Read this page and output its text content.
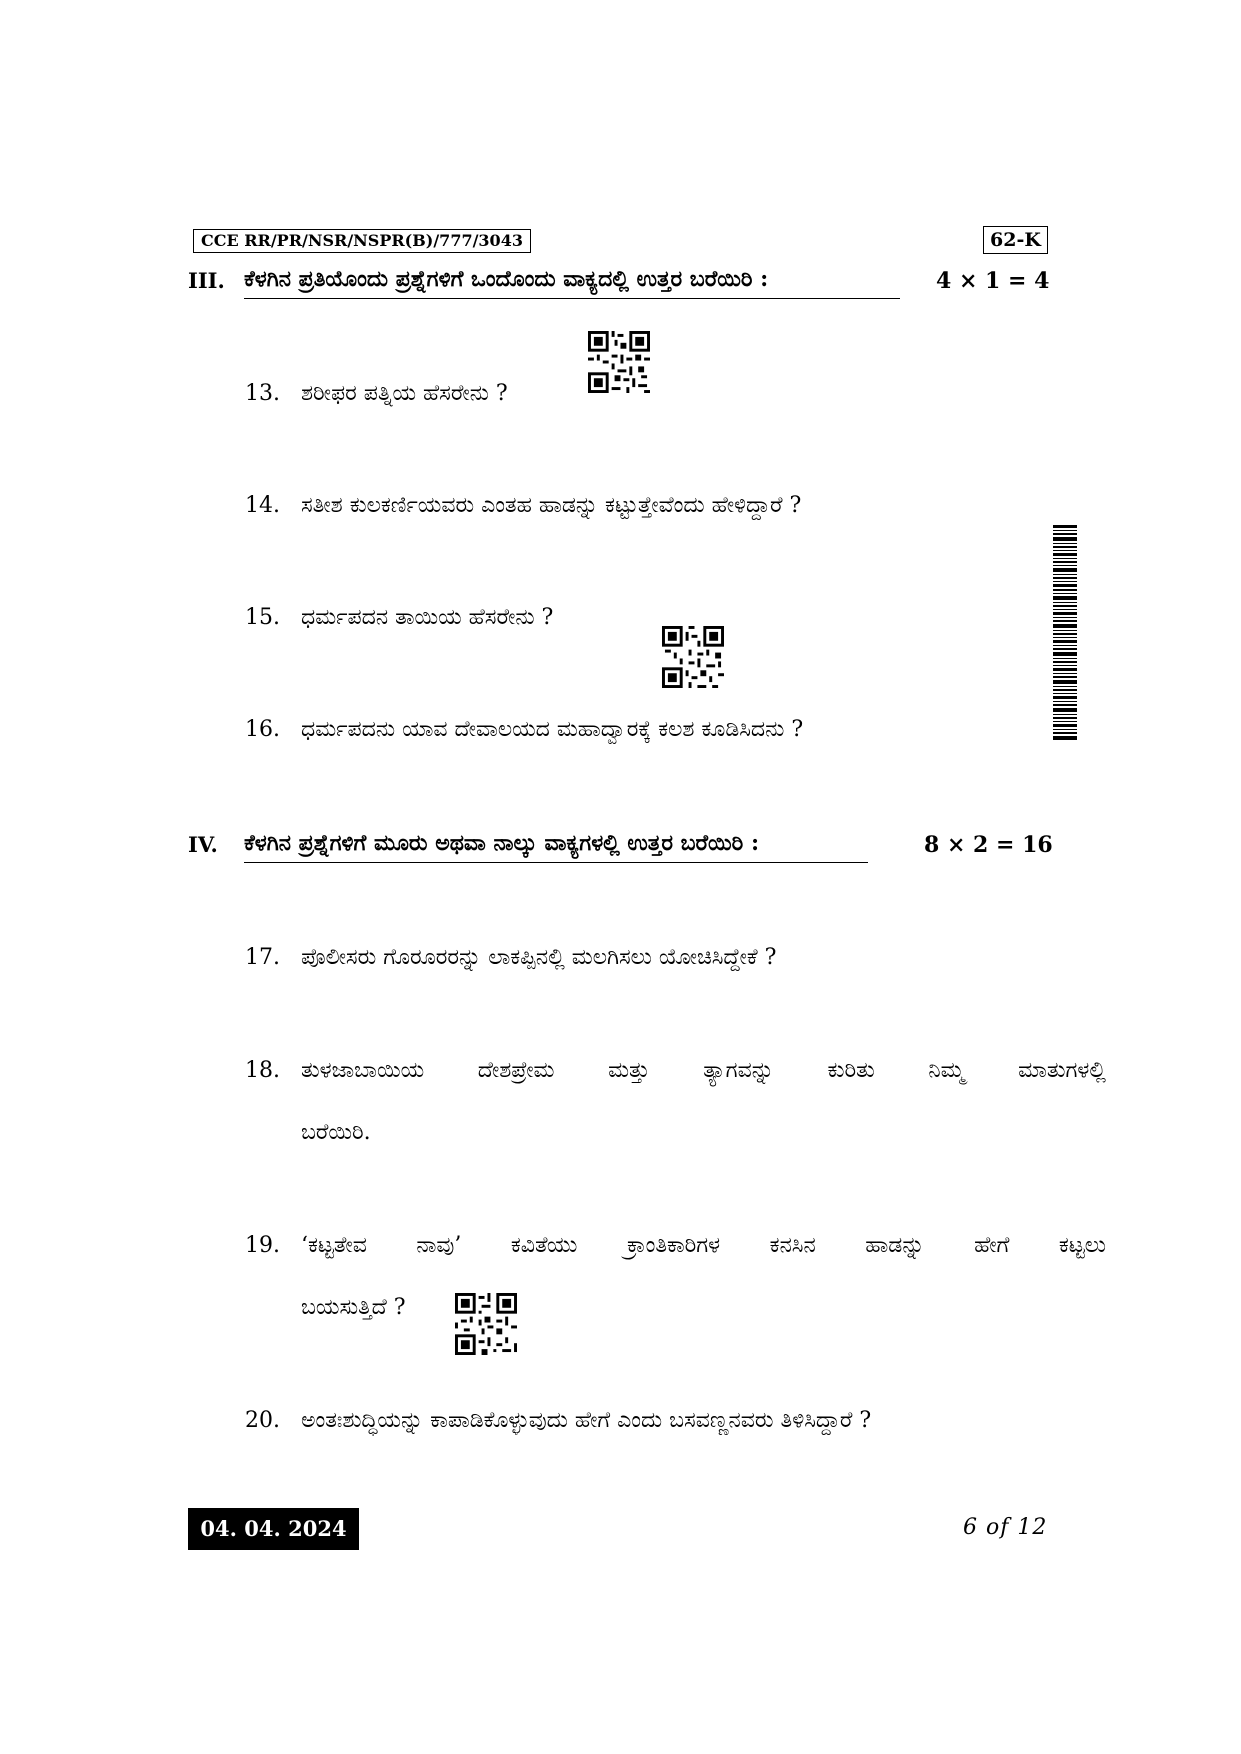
CCE RR/PR/NSR/NSPR(B)/777/3043	62-K
III. ಕೆಳಗಿನ ಪ್ರತಿಯೊಂದು ಪ್ರಶ್ನೆಗಳಿಗೆ ಒಂದೊಂದು ವಾಕ್ಯದಲ್ಲಿ ಉತ್ತರ ಬರೆಯಿರಿ :	4 × 1 = 4
13. ಶರೀಫರ ಪತ್ನಿಯ ಹೆಸರೇನು ?
14. ಸತೀಶ ಕುಲಕರ್ಣಿಯವರು ಎಂತಹ ಹಾಡನ್ನು ಕಟ್ಟುತ್ತೇವೆಂದು ಹೇಳಿದ್ದಾರೆ ?
15. ಧರ್ಮಪದನ ತಾಯಿಯ ಹೆಸರೇನು ?
16. ಧರ್ಮಪದನು ಯಾವ ದೇವಾಲಯದ ಮಹಾದ್ವಾರಕ್ಕೆ ಕಲಶ ಕೂಡಿಸಿದನು ?
IV. ಕೆಳಗಿನ ಪ್ರಶ್ನೆಗಳಿಗೆ ಮೂರು ಅಥವಾ ನಾಲ್ಕು ವಾಕ್ಯಗಳಲ್ಲಿ ಉತ್ತರ ಬರೆಯಿರಿ :	8 × 2 = 16
17. ಪೊಲೀಸರು ಗೊರೂರರನ್ನು ಲಾಕಪ್ಪಿನಲ್ಲಿ ಮಲಗಿಸಲು ಯೋಚಿಸಿದ್ದೇಕೆ ?
18. ತುಳಜಾಬಾಯಿಯ ದೇಶಪ್ರೇಮ ಮತ್ತು ತ್ಯಾಗವನ್ನು ಕುರಿತು ನಿಮ್ಮ ಮಾತುಗಳಲ್ಲಿ
ಬರೆಯಿರಿ.
19. ‘ಕಟ್ಟತೇವ ನಾವು’ ಕವಿತೆಯು ಕ್ರಾಂತಿಕಾರಿಗಳ ಕನಸಿನ ಹಾಡನ್ನು ಹೇಗೆ ಕಟ್ಟಲು
ಬಯಸುತ್ತಿದೆ ?
20. ಅಂತಃಶುದ್ಧಿಯನ್ನು ಕಾಪಾಡಿಕೊಳ್ಳುವುದು ಹೇಗೆ ಎಂದು ಬಸವಣ್ಣನವರು ತಿಳಿಸಿದ್ದಾರೆ ?
04. 04. 2024	6 of 12
